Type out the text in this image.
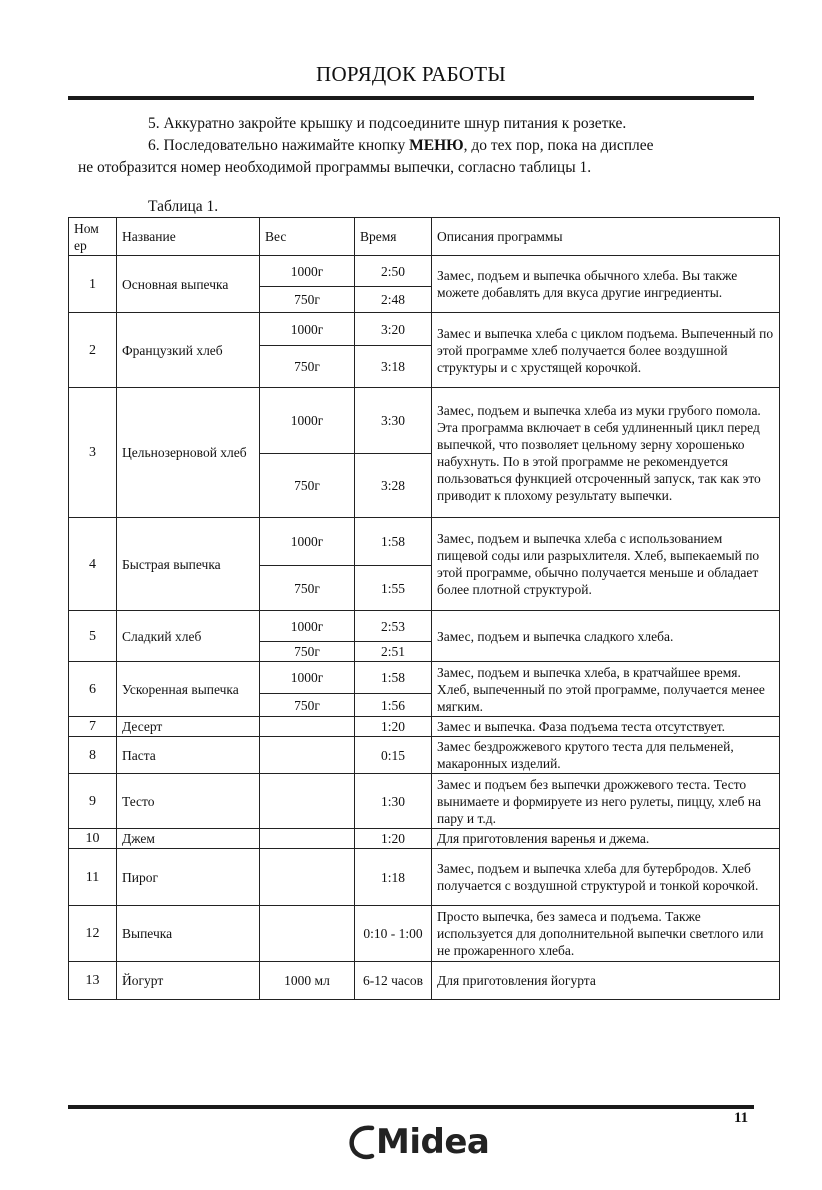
ПОРЯДОК РАБОТЫ
5. Аккуратно закройте крышку и подсоедините шнур питания к розетке.
6. Последовательно нажимайте кнопку МЕНЮ, до тех пор, пока на дисплее
не отобразится номер необходимой программы выпечки, согласно таблицы 1.
Таблица 1.
Ном ер	Название	Вес	Время	Описания программы
1	Основная выпечка	1000г	2:50	Замес, подъем и выпечка обычного хлеба. Вы также можете добавлять для вкуса другие ингредиенты.
		750г	2:48	
2	Французкий хлеб	1000г	3:20	Замес и выпечка хлеба с циклом подъема. Выпеченный по этой программе хлеб получается более воздушной структуры и с хрустящей корочкой.
		750г	3:18	
3	Цельнозерновой хлеб	1000г	3:30	Замес, подъем и выпечка хлеба из муки грубого помола. Эта программа включает в себя удлиненный цикл перед выпечкой, что позволяет цельному зерну хорошенько набухнуть. По в этой программе не рекомендуется пользоваться функцией отсроченный запуск, так как это приводит к плохому результату выпечки.
		750г	3:28	
4	Быстрая выпечка	1000г	1:58	Замес, подъем и выпечка хлеба с использованием пищевой соды или разрыхлителя. Хлеб, выпекаемый по этой программе, обычно получается меньше и обладает более плотной структурой.
		750г	1:55	
5	Сладкий хлеб	1000г	2:53	Замес, подъем и выпечка сладкого хлеба.
		750г	2:51	
6	Ускоренная выпечка	1000г	1:58	Замес, подъем и выпечка хлеба, в кратчайшее время. Хлеб, выпеченный по этой программе, получается менее мягким.
		750г	1:56	
7	Десерт		1:20	Замес и выпечка. Фаза подъема теста отсутствует.
8	Паста		0:15	Замес бездрожжевого крутого теста для пельменей, макаронных изделий.
9	Тесто		1:30	Замес и подъем без выпечки дрожжевого теста. Тесто вынимаете и формируете из него рулеты, пиццу, хлеб на пару и т.д.
10	Джем		1:20	Для приготовления варенья и джема.
11	Пирог		1:18	Замес, подъем и выпечка хлеба для бутербродов. Хлеб получается с воздушной структурой и тонкой корочкой.
12	Выпечка		0:10 - 1:00	Просто выпечка, без замеса и подъема. Также используется для дополнительной выпечки светлого или не прожаренного хлеба.
13	Йогурт	1000 мл	6-12 часов	Для приготовления йогурта
11
Midea
